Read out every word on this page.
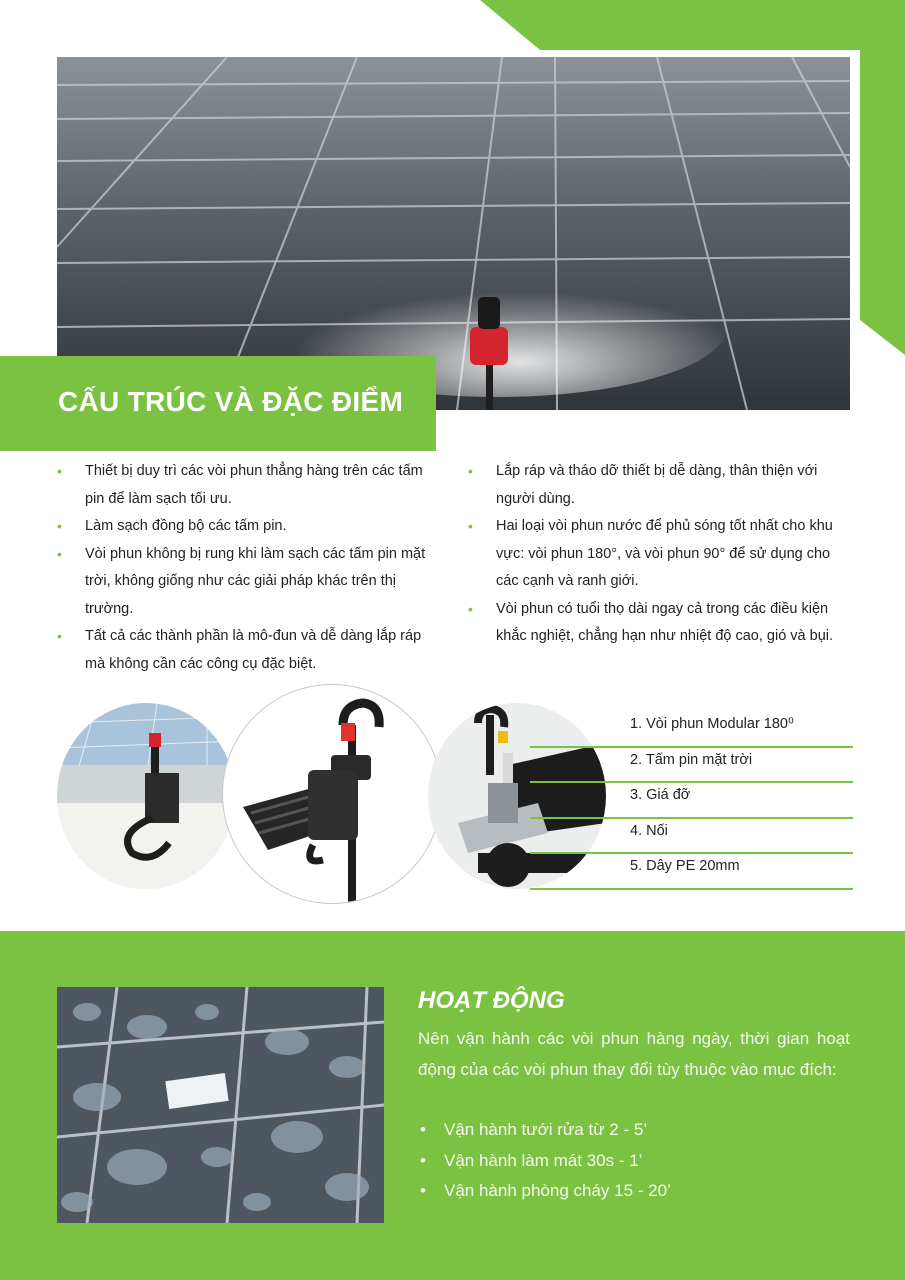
CẤU TRÚC VÀ ĐẶC ĐIỂM
• Thiết bị duy trì các vòi phun thẳng hàng trên các tấm pin để làm sạch tối ưu.
• Làm sạch đồng bộ các tấm pin.
• Vòi phun không bị rung khi làm sạch các tấm pin mặt trời, không giống như các giải pháp khác trên thị trường.
• Tất cả các thành phần là mô-đun và dễ dàng lắp ráp mà không cần các công cụ đặc biệt.
• Lắp ráp và tháo dỡ thiết bị dễ dàng, thân thiện với người dùng.
• Hai loại vòi phun nước để phủ sóng tốt nhất cho khu vực: vòi phun 180°, và vòi phun 90° để sử dụng cho các cạnh và ranh giới.
• Vòi phun có tuổi thọ dài ngay cả trong các điều kiện khắc nghiệt, chẳng hạn như nhiệt độ cao, gió và bụi.
1. Vòi phun Modular 180⁰
2. Tấm pin mặt trời
3. Giá đỡ
4. Nối
5. Dây PE 20mm
HOẠT ĐỘNG

Nên vận hành các vòi phun hàng ngày, thời gian hoạt động của các vòi phun thay đổi tùy thuộc vào mục đích:

• Vận hành tưới rửa từ 2 - 5’
• Vận hành làm mát 30s - 1’
• Vận hành phòng cháy 15 - 20’
